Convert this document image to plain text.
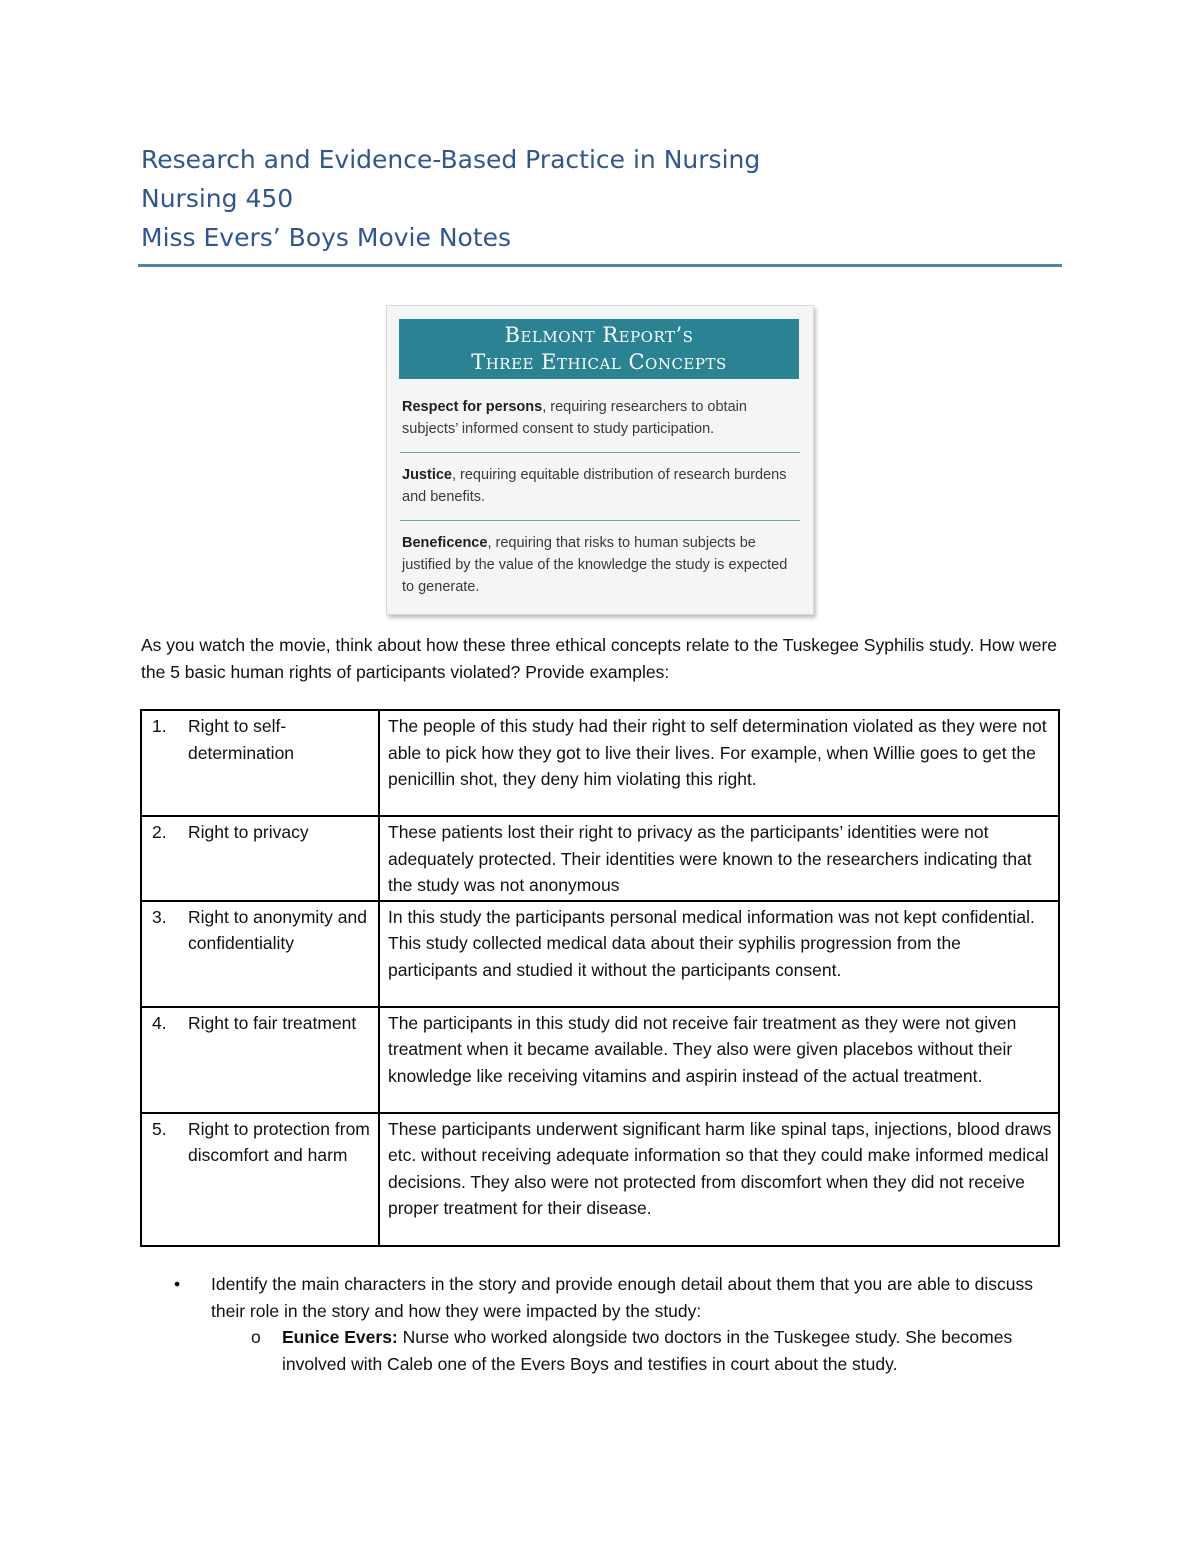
Research and Evidence-Based Practice in Nursing
Nursing 450
Miss Evers’ Boys Movie Notes
Belmont Report’s
Three Ethical Concepts
Respect for persons, requiring researchers to obtain subjects’ informed consent to study participation.
Justice, requiring equitable distribution of research burdens and benefits.
Beneficence, requiring that risks to human subjects be justified by the value of the knowledge the study is expected to generate.
As you watch the movie, think about how these three ethical concepts relate to the Tuskegee Syphilis study. How were the 5 basic human rights of participants violated? Provide examples:
1. Right to self-determination	The people of this study had their right to self determination violated as they were not able to pick how they got to live their lives. For example, when Willie goes to get the penicillin shot, they deny him violating this right.

2. Right to privacy	These patients lost their right to privacy as the participants’ identities were not adequately protected. Their identities were known to the researchers indicating that the study was not anonymous

3. Right to anonymity and confidentiality	In this study the participants personal medical information was not kept confidential. This study collected medical data about their syphilis progression from the participants and studied it without the participants consent.

4. Right to fair treatment	The participants in this study did not receive fair treatment as they were not given treatment when it became available. They also were given placebos without their knowledge like receiving vitamins and aspirin instead of the actual treatment.

5. Right to protection from discomfort and harm	These participants underwent significant harm like spinal taps, injections, blood draws etc. without receiving adequate information so that they could make informed medical decisions. They also were not protected from discomfort when they did not receive proper treatment for their disease.
• Identify the main characters in the story and provide enough detail about them that you are able to discuss their role in the story and how they were impacted by the study:
o Eunice Evers: Nurse who worked alongside two doctors in the Tuskegee study. She becomes involved with Caleb one of the Evers Boys and testifies in court about the study.
